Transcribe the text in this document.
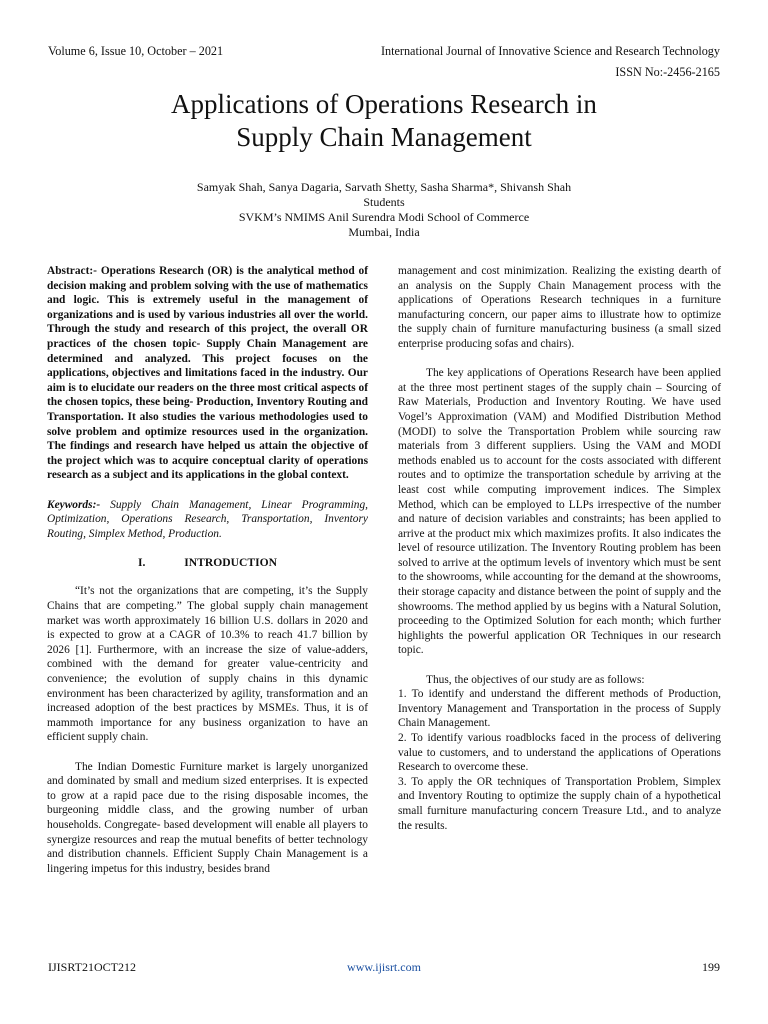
Volume 6, Issue 10, October – 2021	International Journal of Innovative Science and Research Technology
ISSN No:-2456-2165
Applications of Operations Research in
Supply Chain Management
Samyak Shah, Sanya Dagaria, Sarvath Shetty, Sasha Sharma*, Shivansh Shah
Students
SVKM’s NMIMS Anil Surendra Modi School of Commerce
Mumbai, India

Abstract:- Operations Research (OR) is the analytical method of decision making and problem solving with the use of mathematics and logic. This is extremely useful in the management of organizations and is used by various industries all over the world. Through the study and research of this project, the overall OR practices of the chosen topic- Supply Chain Management are determined and analyzed. This project focuses on the applications, objectives and limitations faced in the industry. Our aim is to elucidate our readers on the three most critical aspects of the chosen topics, these being- Production, Inventory Routing and Transportation. It also studies the various methodologies used to solve problem and optimize resources used in the organization. The findings and research have helped us attain the objective of the project which was to acquire conceptual clarity of operations research as a subject and its applications in the global context.

Keywords:- Supply Chain Management, Linear Programming, Optimization, Operations Research, Transportation, Inventory Routing, Simplex Method, Production.

I.	INTRODUCTION

“It’s not the organizations that are competing, it’s the Supply Chains that are competing.” The global supply chain management market was worth approximately 16 billion U.S. dollars in 2020 and is expected to grow at a CAGR of 10.3% to reach 41.7 billion by 2026 [1]. Furthermore, with an increase the size of value-adders, combined with the demand for greater value-centricity and convenience; the evolution of supply chains in this dynamic environment has been characterized by agility, transformation and an increased adoption of the best practices by MSMEs. Thus, it is of mammoth importance for any business organization to have an efficient supply chain.

The Indian Domestic Furniture market is largely unorganized and dominated by small and medium sized enterprises. It is expected to grow at a rapid pace due to the rising disposable incomes, the burgeoning middle class, and the growing number of urban households. Congregate- based development will enable all players to synergize resources and reap the mutual benefits of better technology and distribution channels. Efficient Supply Chain Management is a lingering impetus for this industry, besides brand

management and cost minimization. Realizing the existing dearth of an analysis on the Supply Chain Management process with the applications of Operations Research techniques in a furniture manufacturing concern, our paper aims to illustrate how to optimize the supply chain of furniture manufacturing business (a small sized enterprise producing sofas and chairs).

The key applications of Operations Research have been applied at the three most pertinent stages of the supply chain – Sourcing of Raw Materials, Production and Inventory Routing. We have used Vogel’s Approximation (VAM) and Modified Distribution Method (MODI) to solve the Transportation Problem while sourcing raw materials from 3 different suppliers. Using the VAM and MODI methods enabled us to account for the costs associated with different routes and to optimize the transportation schedule by arriving at the least cost while computing improvement indices. The Simplex Method, which can be employed to LLPs irrespective of the number and nature of decision variables and constraints; has been applied to arrive at the product mix which maximizes profits. It also indicates the level of resource utilization. The Inventory Routing problem has been solved to arrive at the optimum levels of inventory which must be sent to the showrooms, while accounting for the demand at the showrooms, their storage capacity and distance between the point of supply and the showrooms. The method applied by us begins with a Natural Solution, proceeding to the Optimized Solution for each month; which further highlights the powerful application OR Techniques in our research topic.

Thus, the objectives of our study are as follows:
1. To identify and understand the different methods of Production, Inventory Management and Transportation in the process of Supply Chain Management.
2. To identify various roadblocks faced in the process of delivering value to customers, and to understand the applications of Operations Research to overcome these.
3. To apply the OR techniques of Transportation Problem, Simplex and Inventory Routing to optimize the supply chain of a hypothetical small furniture manufacturing concern Treasure Ltd., and to analyze the results.
IJISRT21OCT212	www.ijisrt.com	199
